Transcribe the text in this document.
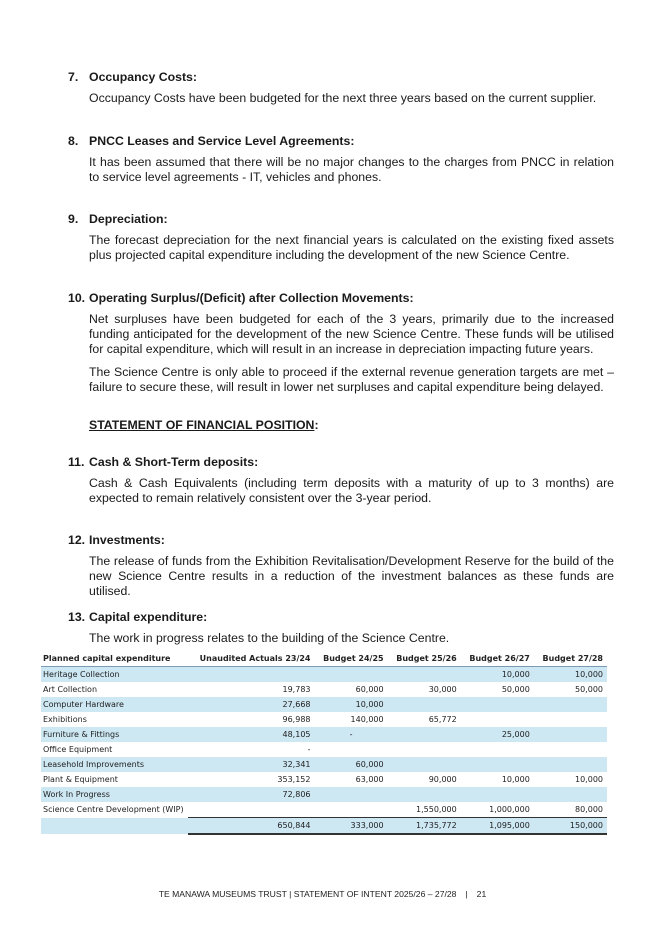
7. Occupancy Costs:

Occupancy Costs have been budgeted for the next three years based on the current supplier.

8. PNCC Leases and Service Level Agreements:

It has been assumed that there will be no major changes to the charges from PNCC in relation to service level agreements - IT, vehicles and phones.

9. Depreciation:

The forecast depreciation for the next financial years is calculated on the existing fixed assets plus projected capital expenditure including the development of the new Science Centre.

10. Operating Surplus/(Deficit) after Collection Movements:

Net surpluses have been budgeted for each of the 3 years, primarily due to the increased funding anticipated for the development of the new Science Centre. These funds will be utilised for capital expenditure, which will result in an increase in depreciation impacting future years.

The Science Centre is only able to proceed if the external revenue generation targets are met – failure to secure these, will result in lower net surpluses and capital expenditure being delayed.

STATEMENT OF FINANCIAL POSITION:
11. Cash & Short-Term deposits:

Cash & Cash Equivalents (including term deposits with a maturity of up to 3 months) are expected to remain relatively consistent over the 3-year period.

12. Investments:

The release of funds from the Exhibition Revitalisation/Development Reserve for the build of the new Science Centre results in a reduction of the investment balances as these funds are utilised.

13. Capital expenditure:

The work in progress relates to the building of the Science Centre.

Planned capital expenditure	Unaudited Actuals 23/24	Budget 24/25	Budget 25/26	Budget 26/27	Budget 27/28
Heritage Collection				10,000	10,000
Art Collection	19,783	60,000	30,000	50,000	50,000
Computer Hardware	27,668	10,000			
Exhibitions	96,988	140,000	65,772		
Furniture & Fittings	48,105	-		25,000	
Office Equipment	-				
Leasehold Improvements	32,341	60,000			
Plant & Equipment	353,152	63,000	90,000	10,000	10,000
Work In Progress	72,806				
Science Centre Development (WIP)			1,550,000	1,000,000	80,000
	650,844	333,000	1,735,772	1,095,000	150,000
TE MANAWA MUSEUMS TRUST | STATEMENT OF INTENT 2025/26 – 27/28 | 21
